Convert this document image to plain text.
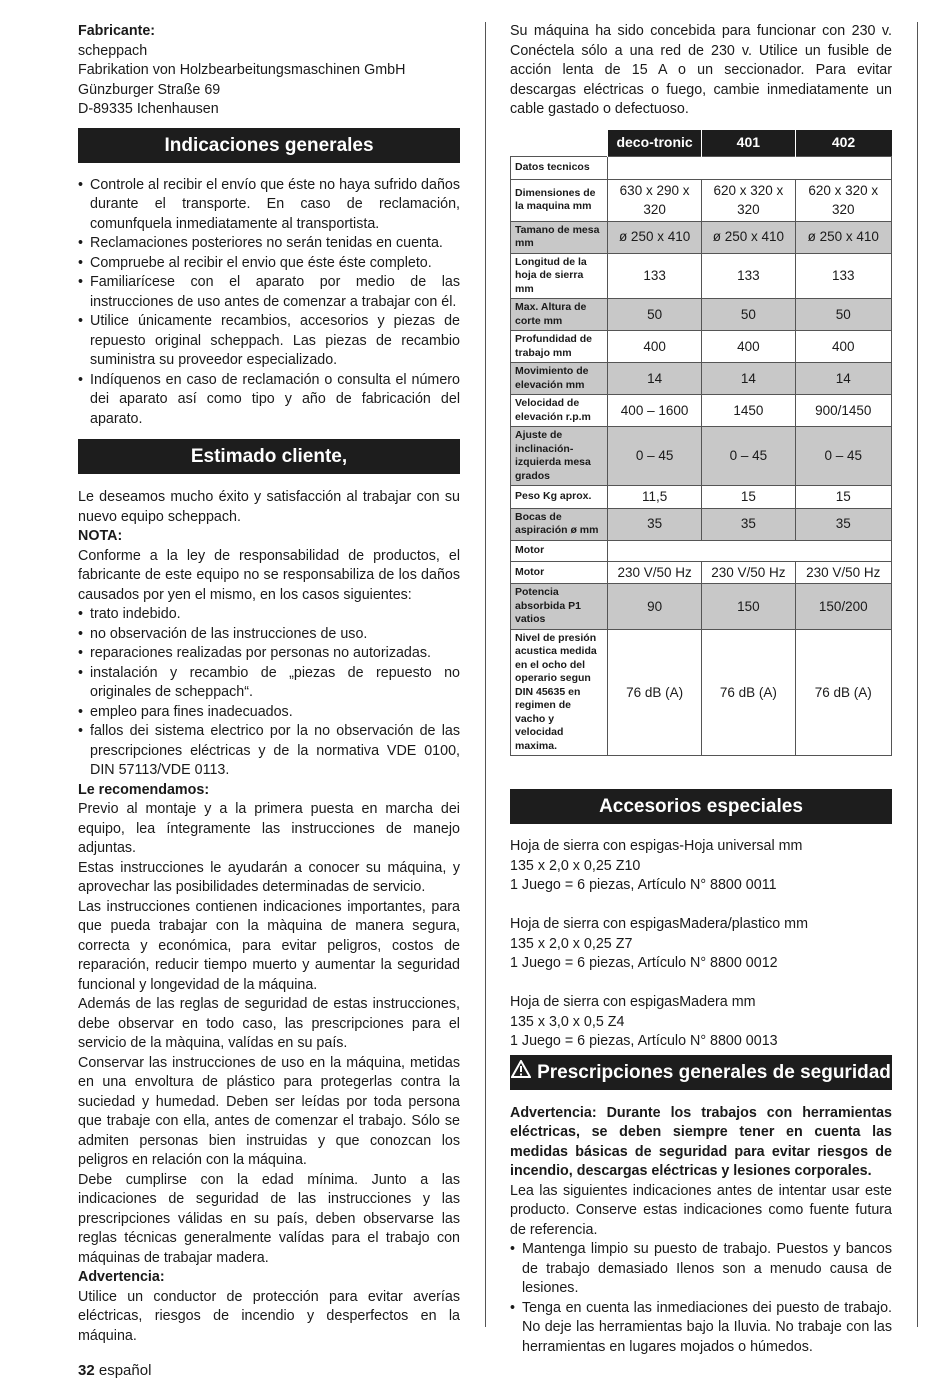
Fabricante:
scheppach
Fabrikation von Holzbearbeitungsmaschinen GmbH
Günzburger Straße 69
D-89335 Ichenhausen
Indicaciones generales
• Controle al recibir el envío que éste no haya sufrido daños durante el transporte. En caso de reclamación, comunfquela inmediatamente al transportista.
• Reclamaciones posteriores no serán tenidas en cuenta.
• Compruebe al recibir el envio que éste éste completo.
• Familiarícese con el aparato por medio de las instrucciones de uso antes de comenzar a trabajar con él.
• Utilice únicamente recambios, accesorios y piezas de repuesto original scheppach. Las piezas de recambio suministra su proveedor especializado.
• Indíquenos en caso de reclamación o consulta el número dei aparato así como tipo y año de fabricación del aparato.
Estimado cliente,

Le deseamos mucho éxito y satisfacción al trabajar con su nuevo equipo scheppach.

NOTA:

Conforme a la ley de responsabilidad de productos, el fabricante de este equipo no se responsabiliza de los daños causados por yen el mismo, en los casos siguientes:

• trato indebido.
• no observación de las instrucciones de uso.
• reparaciones realizadas por personas no autorizadas.
• instalación y recambio de „piezas de repuesto no originales de scheppach“.
• empleo para fines inadecuados.
• fallos dei sistema electrico por la no observación de las prescripciones eléctricas y de la normativa VDE 0100, DIN 57113/VDE 0113.
Le recomendamos:

Previo al montaje y a la primera puesta en marcha dei equipo, lea íntegramente las instrucciones de manejo adjuntas.

Estas instrucciones le ayudarán a conocer su máquina, y aprovechar las posibilidades determinadas de servicio.

Las instrucciones contienen indicaciones importantes, para que pueda trabajar con la màquina de manera segura, correcta y económica, para evitar peligros, costos de reparación, reducir tiempo muerto y aumentar la seguridad funcional y longevidad de la máquina.

Además de las reglas de seguridad de estas instrucciones, debe observar en todo caso, las prescripciones para el servicio de la màquina, valídas en su país.

Conservar las instrucciones de uso en la máquina, metidas en una envoltura de plástico para protegerlas contra la suciedad y humedad. Deben ser leídas por toda persona que trabaje con ella, antes de comenzar el trabajo. Sólo se admiten personas bien instruidas y que conozcan los peligros en relación con la máquina.

Debe cumplirse con la edad mínima. Junto a las indicaciones de seguridad de las instrucciones y las prescripciones válidas en su país, deben observarse las reglas técnicas generalmente valídas para el trabajo con máquinas de trabajar madera.

Advertencia:

Utilice un conductor de protección para evitar averías eléctricas, riesgos de incendio y desperfectos en la máquina.

Su máquina ha sido concebida para funcionar con 230 v. Conéctela sólo a una red de 230 v. Utilice un fusible de acción lenta de 15 A o un seccionador. Para evitar descargas eléctricas o fuego, cambie inmediatamente un cable gastado o defectuoso.

	deco-tronic	401	402
Datos tecnicos			
Dimensiones de la maquina mm	630 x 290 x 320	620 x 320 x 320	620 x 320 x 320
Tamano de mesa mm	ø 250 x 410	ø 250 x 410	ø 250 x 410
Longitud de la hoja de sierra mm	133	133	133
Max. Altura de corte mm	50	50	50
Profundidad de trabajo mm	400	400	400
Movimiento de elevación mm	14	14	14
Velocidad de elevación r.p.m	400 – 1600	1450	900/1450
Ajuste de inclinación-izquierda mesa grados	0 – 45	0 – 45	0 – 45
Peso Kg aprox.	11,5	15	15
Bocas de aspiración ø mm	35	35	35
Motor			
Motor	230 V/50 Hz	230 V/50 Hz	230 V/50 Hz
Potencia absorbida P1 vatios	90	150	150/200
Nivel de presión acustica medida en el ocho del operario segun DIN 45635 en regimen de vacho y velocidad maxima.	76 dB (A)	76 dB (A)	76 dB (A)
Accesorios especiales
Hoja de sierra con espigas-Hoja universal mm
135 x 2,0 x 0,25 Z10
1 Juego = 6 piezas, Artículo N° 8800 0011
Hoja de sierra con espigasMadera/plastico mm
135 x 2,0 x 0,25 Z7
1 Juego = 6 piezas, Artículo N° 8800 0012
Hoja de sierra con espigasMadera mm
135 x 3,0 x 0,5 Z4
1 Juego = 6 piezas, Artículo N° 8800 0013
Prescripciones generales de seguridad

Advertencia: Durante los trabajos con herramientas eléctricas, se deben siempre tener en cuenta las medidas básicas de seguridad para evitar riesgos de incendio, descargas eléctricas y lesiones corporales.

Lea las siguientes indicaciones antes de intentar usar este producto. Conserve estas indicaciones como fuente futura de referencia.

• Mantenga limpio su puesto de trabajo. Puestos y bancos de trabajo demasiado Ilenos son a menudo causa de lesiones.
• Tenga en cuenta las inmediaciones dei puesto de trabajo. No deje las herramientas bajo la Iluvia. No trabaje con las herramientas en lugares mojados o húmedos.
32 español
